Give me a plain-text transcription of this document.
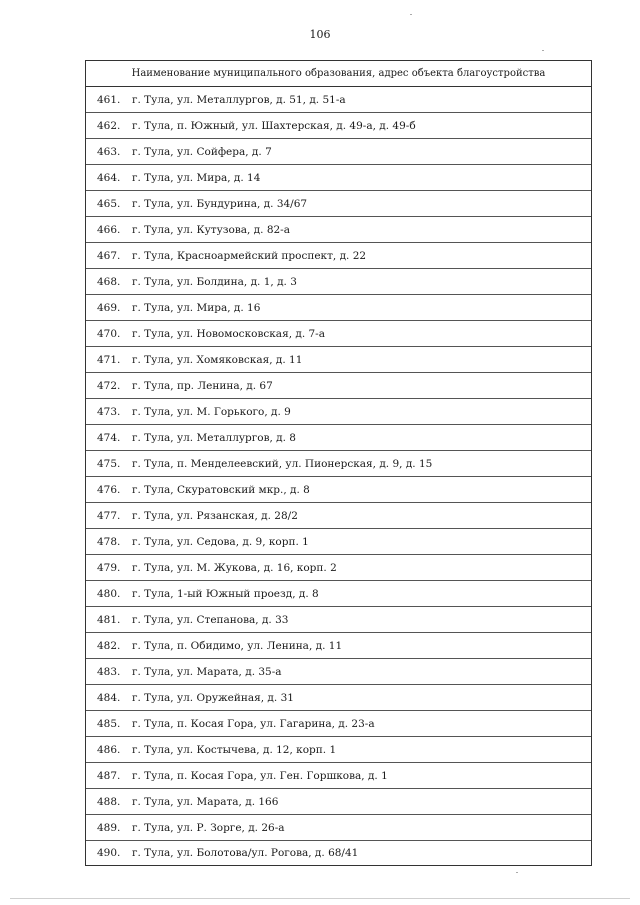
106
Наименование муниципального образования, адрес объекта благоустройства
461.	г. Тула, ул. Металлургов, д. 51, д. 51-а
462.	г. Тула, п. Южный, ул. Шахтерская, д. 49-а, д. 49-б
463.	г. Тула, ул. Сойфера, д. 7
464.	г. Тула, ул. Мира, д. 14
465.	г. Тула, ул. Бундурина, д. 34/67
466.	г. Тула, ул. Кутузова, д. 82-а
467.	г. Тула, Красноармейский проспект, д. 22
468.	г. Тула, ул. Болдина, д. 1, д. 3
469.	г. Тула, ул. Мира, д. 16
470.	г. Тула, ул. Новомосковская, д. 7-а
471.	г. Тула, ул. Хомяковская, д. 11
472.	г. Тула, пр. Ленина, д. 67
473.	г. Тула, ул. М. Горького, д. 9
474.	г. Тула, ул. Металлургов, д. 8
475.	г. Тула, п. Менделеевский, ул. Пионерская, д. 9, д. 15
476.	г. Тула, Скуратовский мкр., д. 8
477.	г. Тула, ул. Рязанская, д. 28/2
478.	г. Тула, ул. Седова, д. 9, корп. 1
479.	г. Тула, ул. М. Жукова, д. 16, корп. 2
480.	г. Тула, 1-ый Южный проезд, д. 8
481.	г. Тула, ул. Степанова, д. 33
482.	г. Тула, п. Обидимо, ул. Ленина, д. 11
483.	г. Тула, ул. Марата, д. 35-а
484.	г. Тула, ул. Оружейная, д. 31
485.	г. Тула, п. Косая Гора, ул. Гагарина, д. 23-а
486.	г. Тула, ул. Костычева, д. 12, корп. 1
487.	г. Тула, п. Косая Гора, ул. Ген. Горшкова, д. 1
488.	г. Тула, ул. Марата, д. 166
489.	г. Тула, ул. Р. Зорге, д. 26-а
490.	г. Тула, ул. Болотова/ул. Рогова, д. 68/41
